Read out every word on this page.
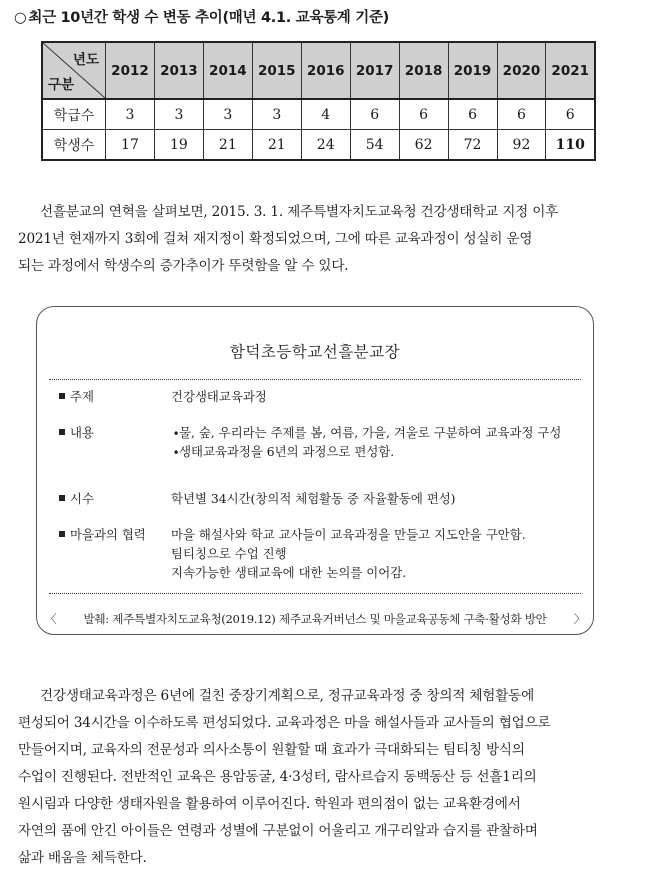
○ 최근 10년간 학생 수 변동 추이(매년 4.1. 교육통계 기준)
년도
구분	2012	2013	2014	2015	2016	2017	2018	2019	2020	2021
학급수	3	3	3	3	4	6	6	6	6	6
학생수	17	19	21	21	24	54	62	72	92	110

선흘분교의 연혁을 살펴보면, 2015. 3. 1. 제주특별자치도교육청 건강생태학교 지정 이후
2021년 현재까지 3회에 걸쳐 재지정이 확정되었으며, 그에 따른 교육과정이 성실히 운영
되는 과정에서 학생수의 증가추이가 뚜렷함을 알 수 있다.

함덕초등학교선흘분교장
주제	건강생태교육과정
내용	∙물, 숲, 우리라는 주제를 봄, 여름, 가을, 겨울로 구분하여 교육과정 구성
∙생태교육과정을 6년의 과정으로 편성함.
시수	학년별 34시간(창의적 체험활동 중 자율활동에 편성)
마을과의 협력	마을 해설사와 학교 교사들이 교육과정을 만들고 지도안을 구안함.
팀티칭으로 수업 진행
지속가능한 생태교육에 대한 논의를 이어감.
〈 발췌: 제주특별자치도교육청(2019.12) 제주교육거버넌스 및 마을교육공동체 구축·활성화 방안 〉

건강생태교육과정은 6년에 걸친 중장기계획으로, 정규교육과정 중 창의적 체험활동에
편성되어 34시간을 이수하도록 편성되었다. 교육과정은 마을 해설사들과 교사들의 협업으로
만들어지며, 교육자의 전문성과 의사소통이 원활할 때 효과가 극대화되는 팀티칭 방식의
수업이 진행된다. 전반적인 교육은 용암동굴, 4·3성터, 람사르습지 동백동산 등 선흘1리의
원시림과 다양한 생태자원을 활용하여 이루어진다. 학원과 편의점이 없는 교육환경에서
자연의 품에 안긴 아이들은 연령과 성별에 구분없이 어울리고 개구리알과 습지를 관찰하며
삶과 배움을 체득한다.
